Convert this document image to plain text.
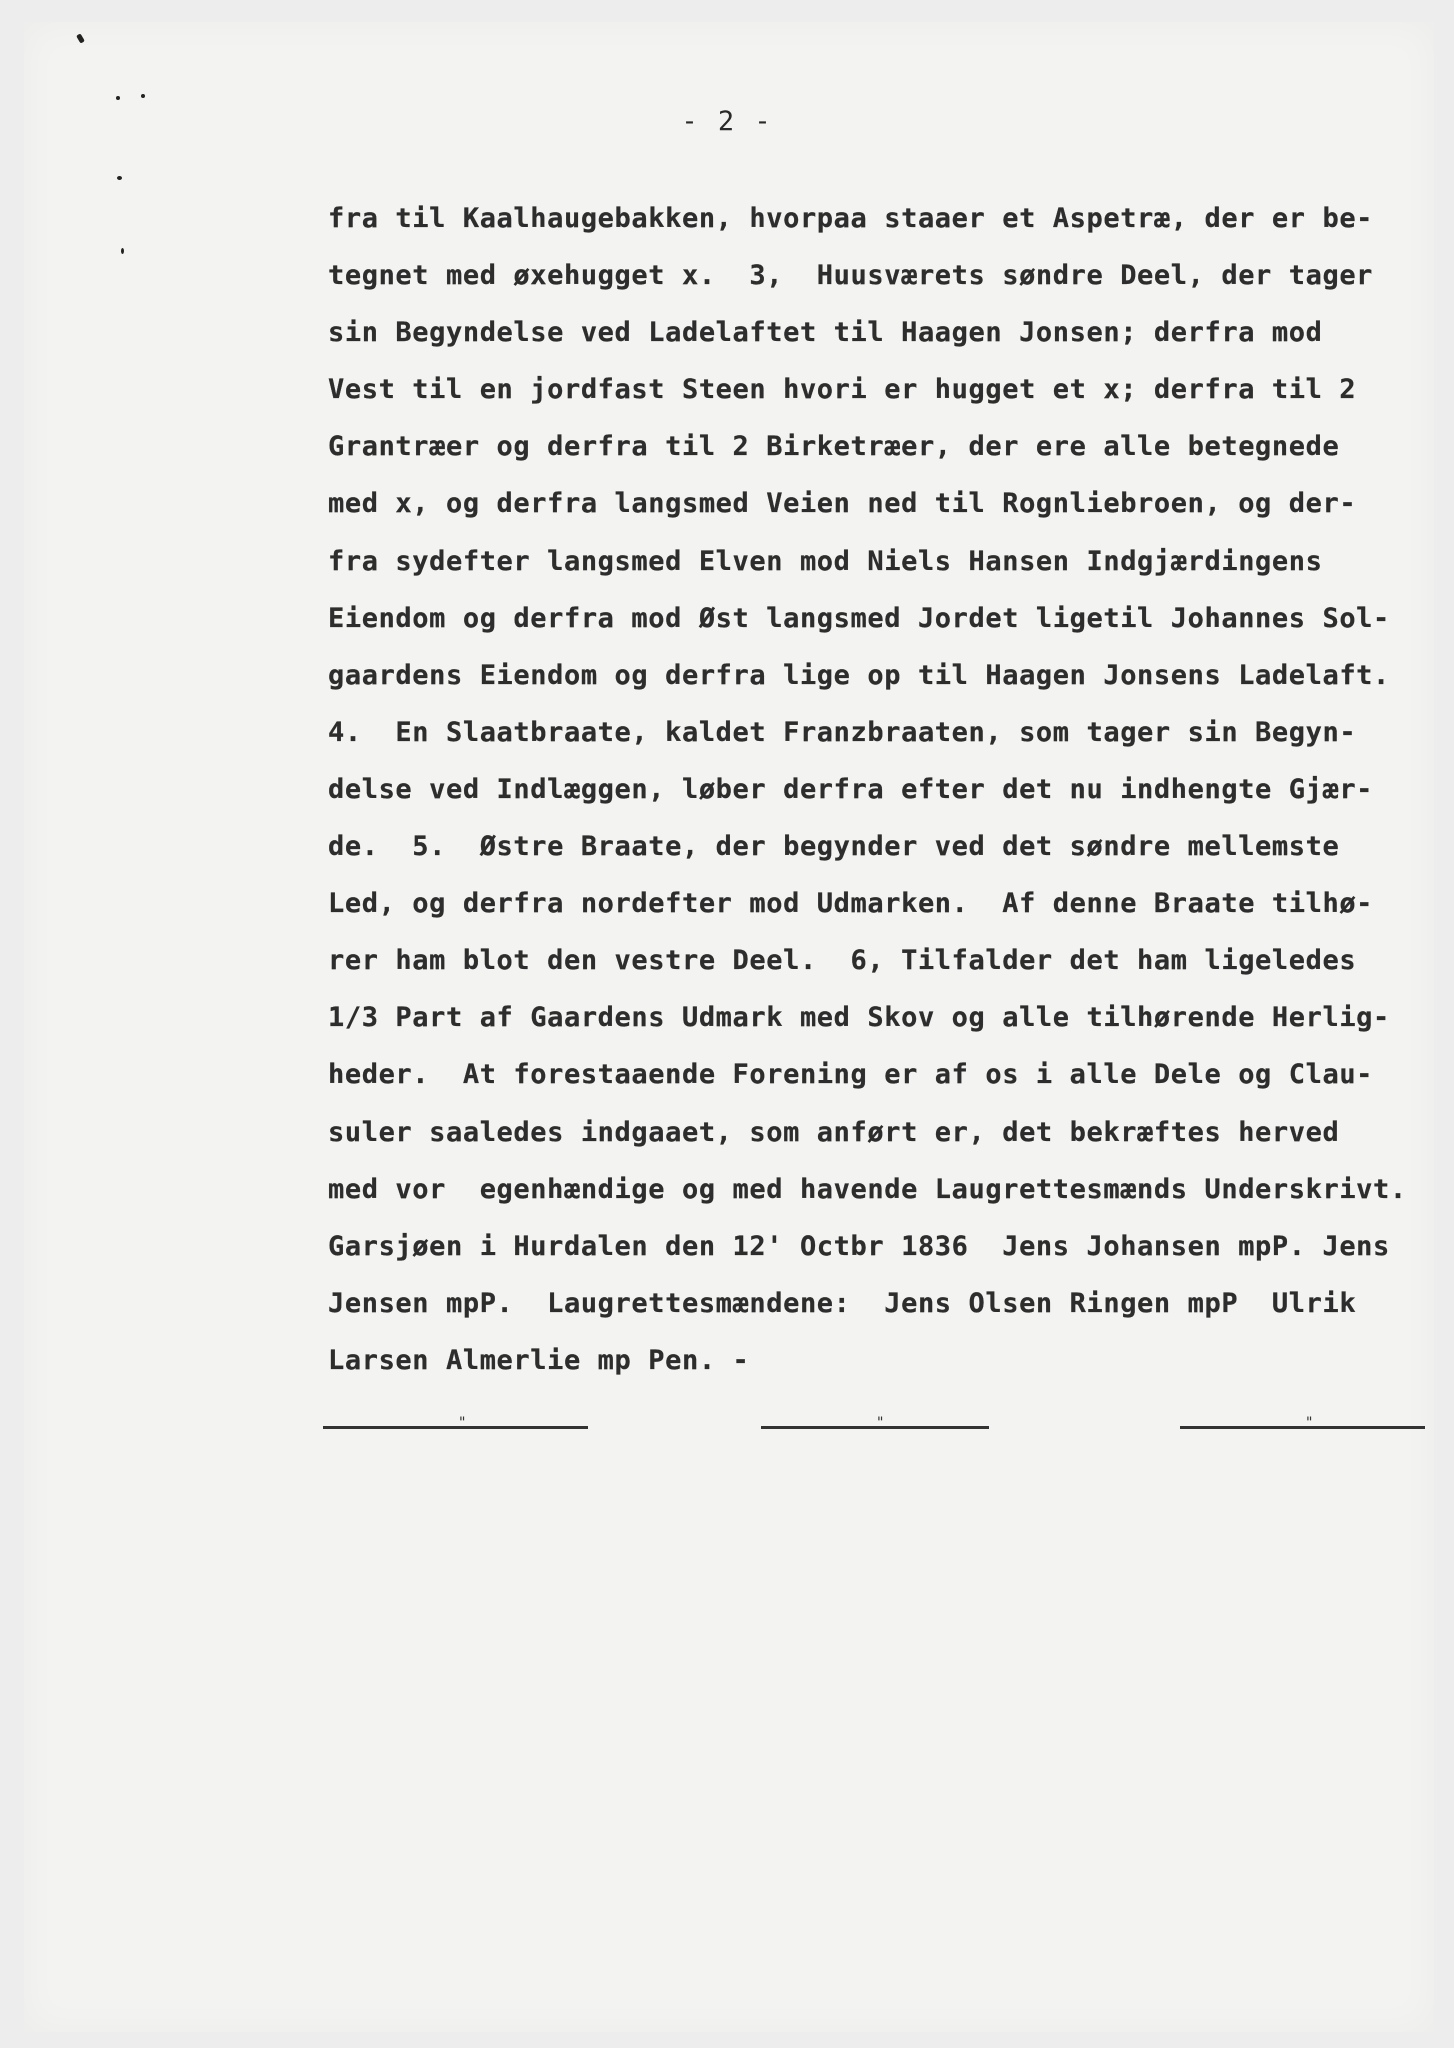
- 2 -
fra til Kaalhaugebakken, hvorpaa staaer et Aspetræ, der er be-
tegnet med øxehugget x.  3,  Huusværets søndre Deel, der tager
sin Begyndelse ved Ladelaftet til Haagen Jonsen; derfra mod
Vest til en jordfast Steen hvori er hugget et x; derfra til 2
Grantræer og derfra til 2 Birketræer, der ere alle betegnede
med x, og derfra langsmed Veien ned til Rognliebroen, og der-
fra sydefter langsmed Elven mod Niels Hansen Indgjærdingens
Eiendom og derfra mod Øst langsmed Jordet ligetil Johannes Sol-
gaardens Eiendom og derfra lige op til Haagen Jonsens Ladelaft.
4.  En Slaatbraate, kaldet Franzbraaten, som tager sin Begyn-
delse ved Indlæggen, løber derfra efter det nu indhengte Gjær-
de.  5.  Østre Braate, der begynder ved det søndre mellemste
Led, og derfra nordefter mod Udmarken.  Af denne Braate tilhø-
rer ham blot den vestre Deel.  6, Tilfalder det ham ligeledes
1/3 Part af Gaardens Udmark med Skov og alle tilhørende Herlig-
heder.  At forestaaende Forening er af os i alle Dele og Clau-
suler saaledes indgaaet, som anført er, det bekræftes herved
med vor  egenhændige og med havende Laugrettesmænds Underskrivt.
Garsjøen i Hurdalen den 12' Octbr 1836  Jens Johansen mpP. Jens
Jensen mpP.  Laugrettesmændene:  Jens Olsen Ringen mpP  Ulrik
Larsen Almerlie mp Pen. -
"	"	"
